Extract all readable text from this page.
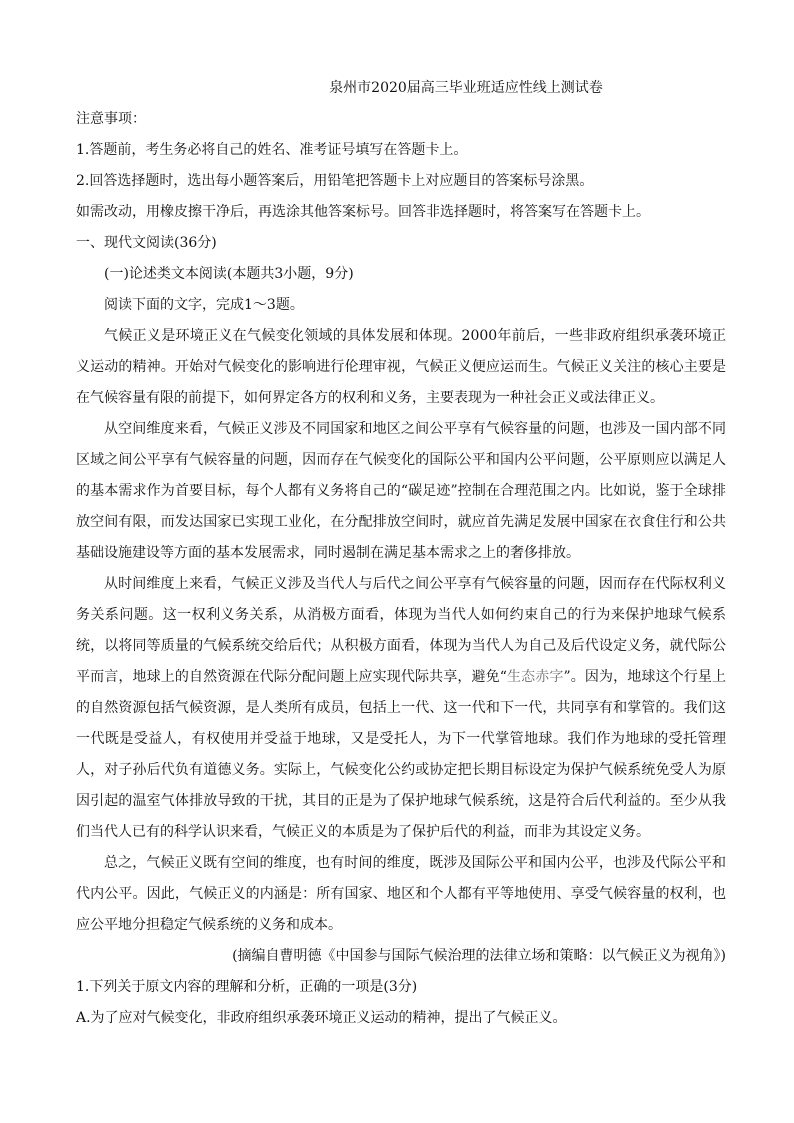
泉州市2020届高三毕业班适应性线上测试卷

注意事项：

1.答题前，考生务必将自己的姓名、准考证号填写在答题卡上。

2.回答选择题时，选出每小题答案后，用铅笔把答题卡上对应题目的答案标号涂黑。

如需改动，用橡皮擦干净后，再选涂其他答案标号。回答非选择题时，将答案写在答题卡上。

一、现代文阅读(36分)

(一)论述类文本阅读(本题共3小题，9分)

阅读下面的文字，完成1～3题。

气候正义是环境正义在气候变化领域的具体发展和体现。2000年前后，一些非政府组织承袭环境正义运动的精神。开始对气候变化的影响进行伦理审视，气候正义便应运而生。气候正义关注的核心主要是在气候容量有限的前提下，如何界定各方的权利和义务，主要表现为一种社会正义或法律正义。

从空间维度来看，气候正义涉及不同国家和地区之间公平享有气候容量的问题，也涉及一国内部不同区域之间公平享有气候容量的问题，因而存在气候变化的国际公平和国内公平问题，公平原则应以满足人的基本需求作为首要目标，每个人都有义务将自己的“碳足迹”控制在合理范围之内。比如说，鉴于全球排放空间有限，而发达国家已实现工业化，在分配排放空间时，就应首先满足发展中国家在衣食住行和公共基础设施建设等方面的基本发展需求，同时遏制在满足基本需求之上的奢侈排放。

从时间维度上来看，气候正义涉及当代人与后代之间公平享有气候容量的问题，因而存在代际权利义务关系问题。这一权利义务关系，从消极方面看，体现为当代人如何约束自己的行为来保护地球气候系统，以将同等质量的气候系统交给后代；从积极方面看，体现为当代人为自己及后代设定义务，就代际公平而言，地球上的自然资源在代际分配问题上应实现代际共享，避免“生态赤字”。因为，地球这个行星上的自然资源包括气候资源，是人类所有成员，包括上一代、这一代和下一代，共同享有和掌管的。我们这一代既是受益人，有权使用并受益于地球，又是受托人，为下一代掌管地球。我们作为地球的受托管理人，对子孙后代负有道德义务。实际上，气候变化公约或协定把长期目标设定为保护气候系统免受人为原因引起的温室气体排放导致的干扰，其目的正是为了保护地球气候系统，这是符合后代利益的。至少从我们当代人已有的科学认识来看，气候正义的本质是为了保护后代的利益，而非为其设定义务。

总之，气候正义既有空间的维度，也有时间的维度，既涉及国际公平和国内公平，也涉及代际公平和代内公平。因此，气候正义的内涵是：所有国家、地区和个人都有平等地使用、享受气候容量的权利，也应公平地分担稳定气候系统的义务和成本。

(摘编自曹明德《中国参与国际气候治理的法律立场和策略：以气候正义为视角》)

1.下列关于原文内容的理解和分析，正确的一项是(3分)

A.为了应对气候变化，非政府组织承袭环境正义运动的精神，提出了气候正义。
